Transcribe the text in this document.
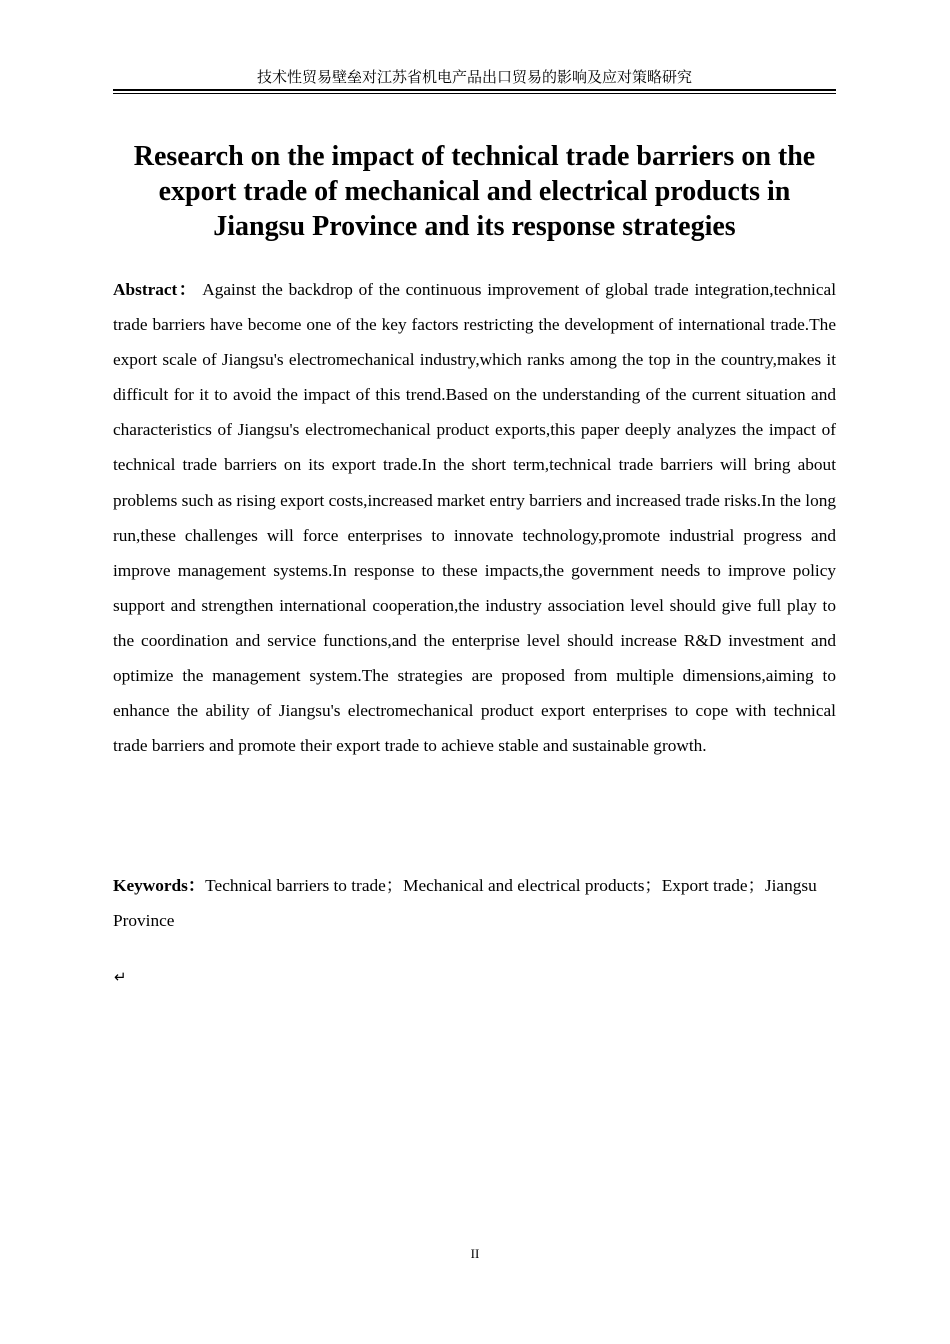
技术性贸易壁垒对江苏省机电产品出口贸易的影响及应对策略研究
Research on the impact of technical trade barriers on the export trade of mechanical and electrical products in Jiangsu Province and its response strategies

Abstract： Against the backdrop of the continuous improvement of global trade integration,technical trade barriers have become one of the key factors restricting the development of international trade.The export scale of Jiangsu's electromechanical industry,which ranks among the top in the country,makes it difficult for it to avoid the impact of this trend.Based on the understanding of the current situation and characteristics of Jiangsu's electromechanical product exports,this paper deeply analyzes the impact of technical trade barriers on its export trade.In the short term,technical trade barriers will bring about problems such as rising export costs,increased market entry barriers and increased trade risks.In the long run,these challenges will force enterprises to innovate technology,promote industrial progress and improve management systems.In response to these impacts,the government needs to improve policy support and strengthen international cooperation,the industry association level should give full play to the coordination and service functions,and the enterprise level should increase R&D investment and optimize the management system.The strategies are proposed from multiple dimensions,aiming to enhance the ability of Jiangsu's electromechanical product export enterprises to cope with technical trade barriers and promote their export trade to achieve stable and sustainable growth.

Keywords：Technical barriers to trade；Mechanical and electrical products；Export trade；Jiangsu Province

↵
II
